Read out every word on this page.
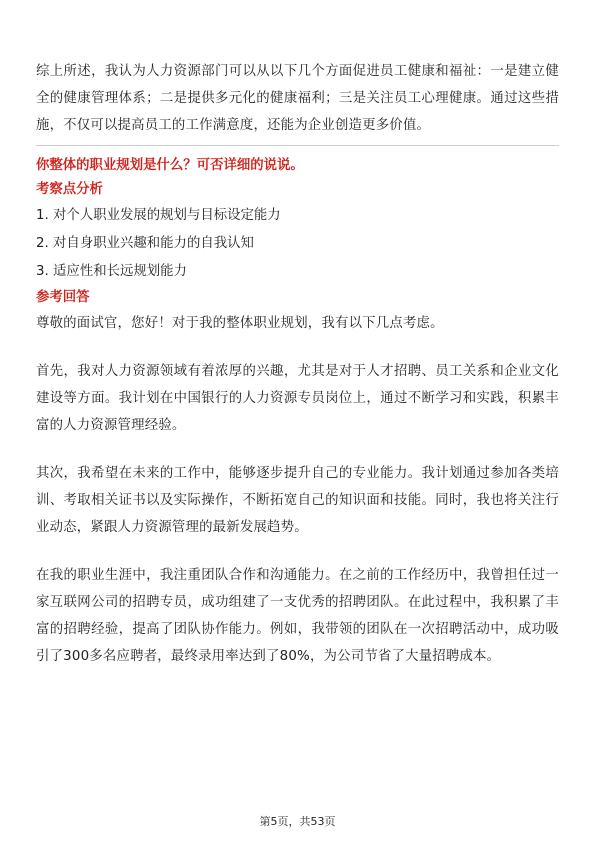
综上所述，我认为人力资源部门可以从以下几个方面促进员工健康和福祉：一是建立健全的健康管理体系；二是提供多元化的健康福利；三是关注员工心理健康。通过这些措施，不仅可以提高员工的工作满意度，还能为企业创造更多价值。

你整体的职业规划是什么？可否详细的说说。

考察点分析

1. 对个人职业发展的规划与目标设定能力

2. 对自身职业兴趣和能力的自我认知

3. 适应性和长远规划能力

参考回答

尊敬的面试官，您好！对于我的整体职业规划，我有以下几点考虑。

首先，我对人力资源领域有着浓厚的兴趣，尤其是对于人才招聘、员工关系和企业文化建设等方面。我计划在中国银行的人力资源专员岗位上，通过不断学习和实践，积累丰富的人力资源管理经验。

其次，我希望在未来的工作中，能够逐步提升自己的专业能力。我计划通过参加各类培训、考取相关证书以及实际操作，不断拓宽自己的知识面和技能。同时，我也将关注行业动态，紧跟人力资源管理的最新发展趋势。

在我的职业生涯中，我注重团队合作和沟通能力。在之前的工作经历中，我曾担任过一家互联网公司的招聘专员，成功组建了一支优秀的招聘团队。在此过程中，我积累了丰富的招聘经验，提高了团队协作能力。例如，我带领的团队在一次招聘活动中，成功吸引了300多名应聘者，最终录用率达到了80%，为公司节省了大量招聘成本。

第5页，共53页
